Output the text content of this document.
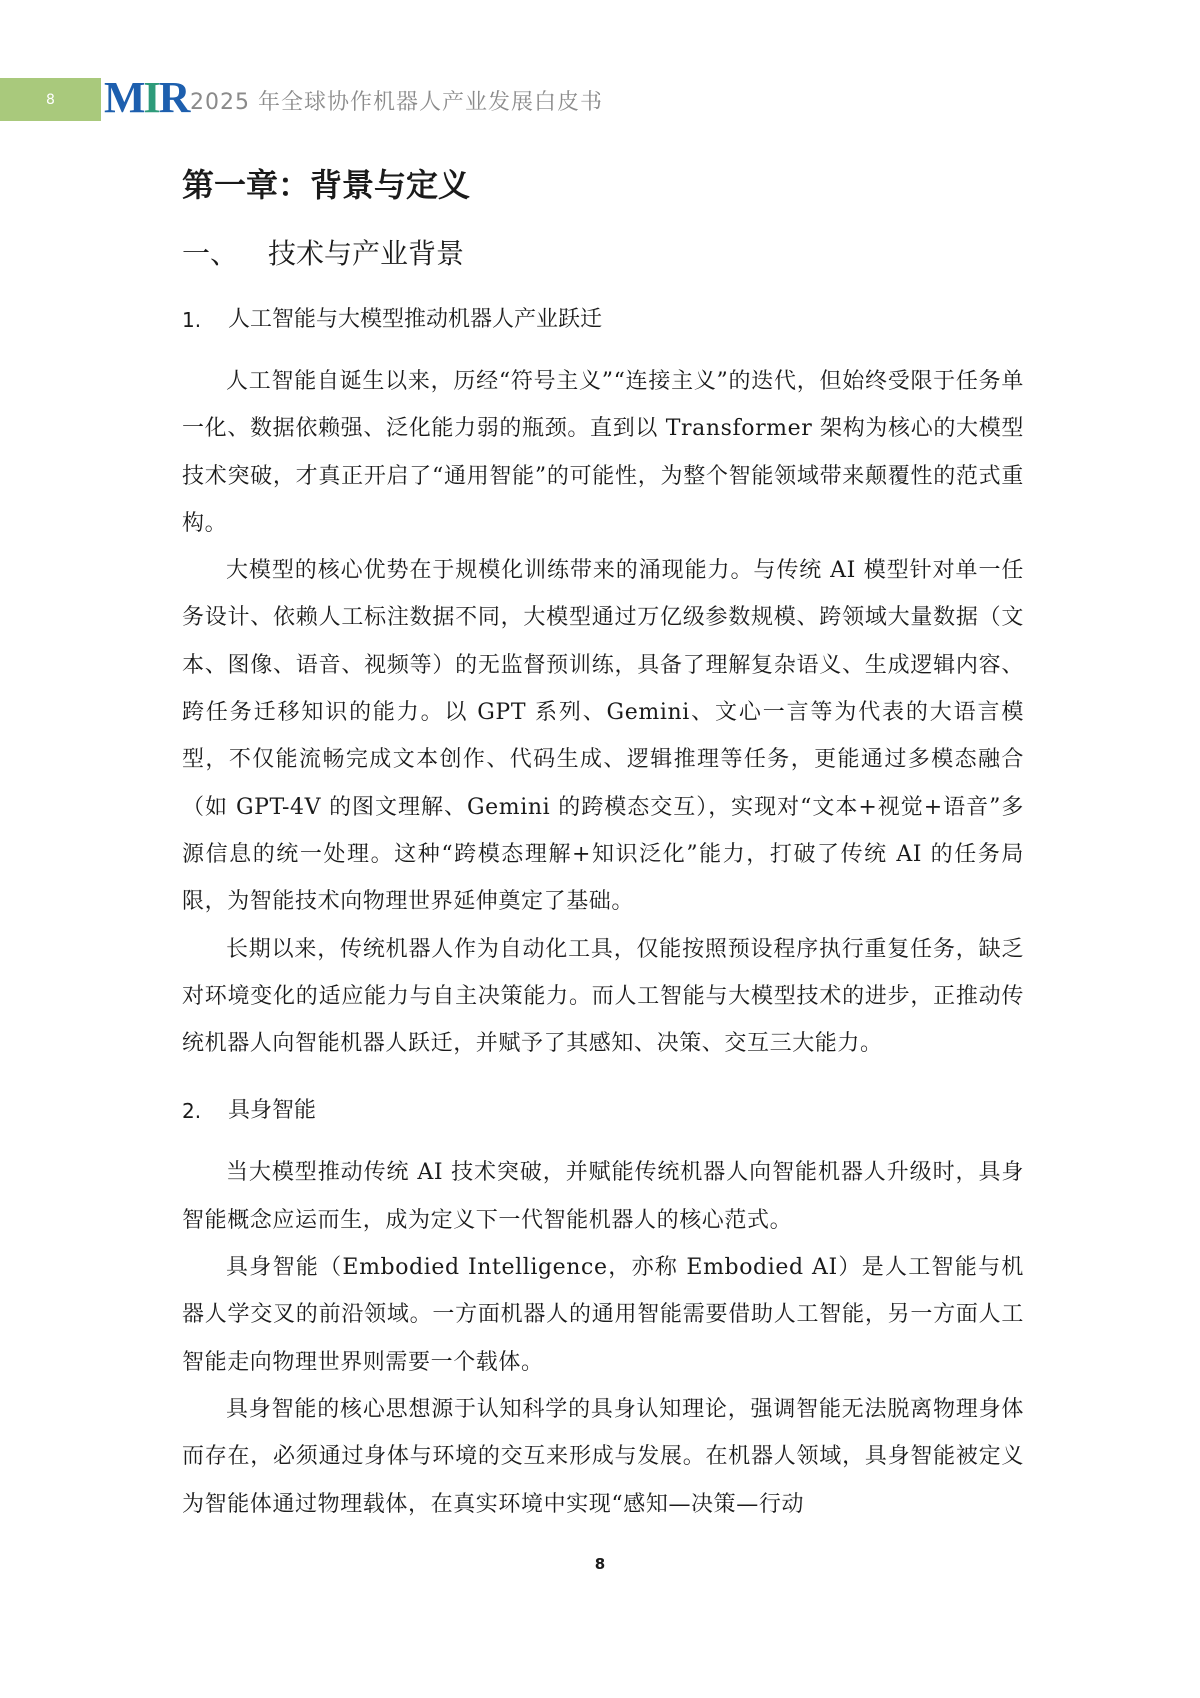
8 MIR 2025 年全球协作机器人产业发展白皮书
第一章：背景与定义
一、	技术与产业背景
1.	人工智能与大模型推动机器人产业跃迁

人工智能自诞生以来，历经“符号主义”“连接主义”的迭代，但始终受限于任务单一化、数据依赖强、泛化能力弱的瓶颈。直到以 Transformer 架构为核心的大模型技术突破，才真正开启了“通用智能”的可能性，为整个智能领域带来颠覆性的范式重构。

大模型的核心优势在于规模化训练带来的涌现能力。与传统 AI 模型针对单一任务设计、依赖人工标注数据不同，大模型通过万亿级参数规模、跨领域大量数据（文本、图像、语音、视频等）的无监督预训练，具备了理解复杂语义、生成逻辑内容、跨任务迁移知识的能力。以 GPT 系列、Gemini、文心一言等为代表的大语言模型，不仅能流畅完成文本创作、代码生成、逻辑推理等任务，更能通过多模态融合（如 GPT-4V 的图文理解、Gemini 的跨模态交互），实现对“文本+视觉+语音”多源信息的统一处理。这种“跨模态理解+知识泛化”能力，打破了传统 AI 的任务局限，为智能技术向物理世界延伸奠定了基础。

长期以来，传统机器人作为自动化工具，仅能按照预设程序执行重复任务，缺乏对环境变化的适应能力与自主决策能力。而人工智能与大模型技术的进步，正推动传统机器人向智能机器人跃迁，并赋予了其感知、决策、交互三大能力。

2.	具身智能

当大模型推动传统 AI 技术突破，并赋能传统机器人向智能机器人升级时，具身智能概念应运而生，成为定义下一代智能机器人的核心范式。

具身智能（Embodied Intelligence，亦称 Embodied AI）是人工智能与机器人学交叉的前沿领域。一方面机器人的通用智能需要借助人工智能，另一方面人工智能走向物理世界则需要一个载体。

具身智能的核心思想源于认知科学的具身认知理论，强调智能无法脱离物理身体而存在，必须通过身体与环境的交互来形成与发展。在机器人领域，具身智能被定义为智能体通过物理载体，在真实环境中实现“感知—决策—行动

8
